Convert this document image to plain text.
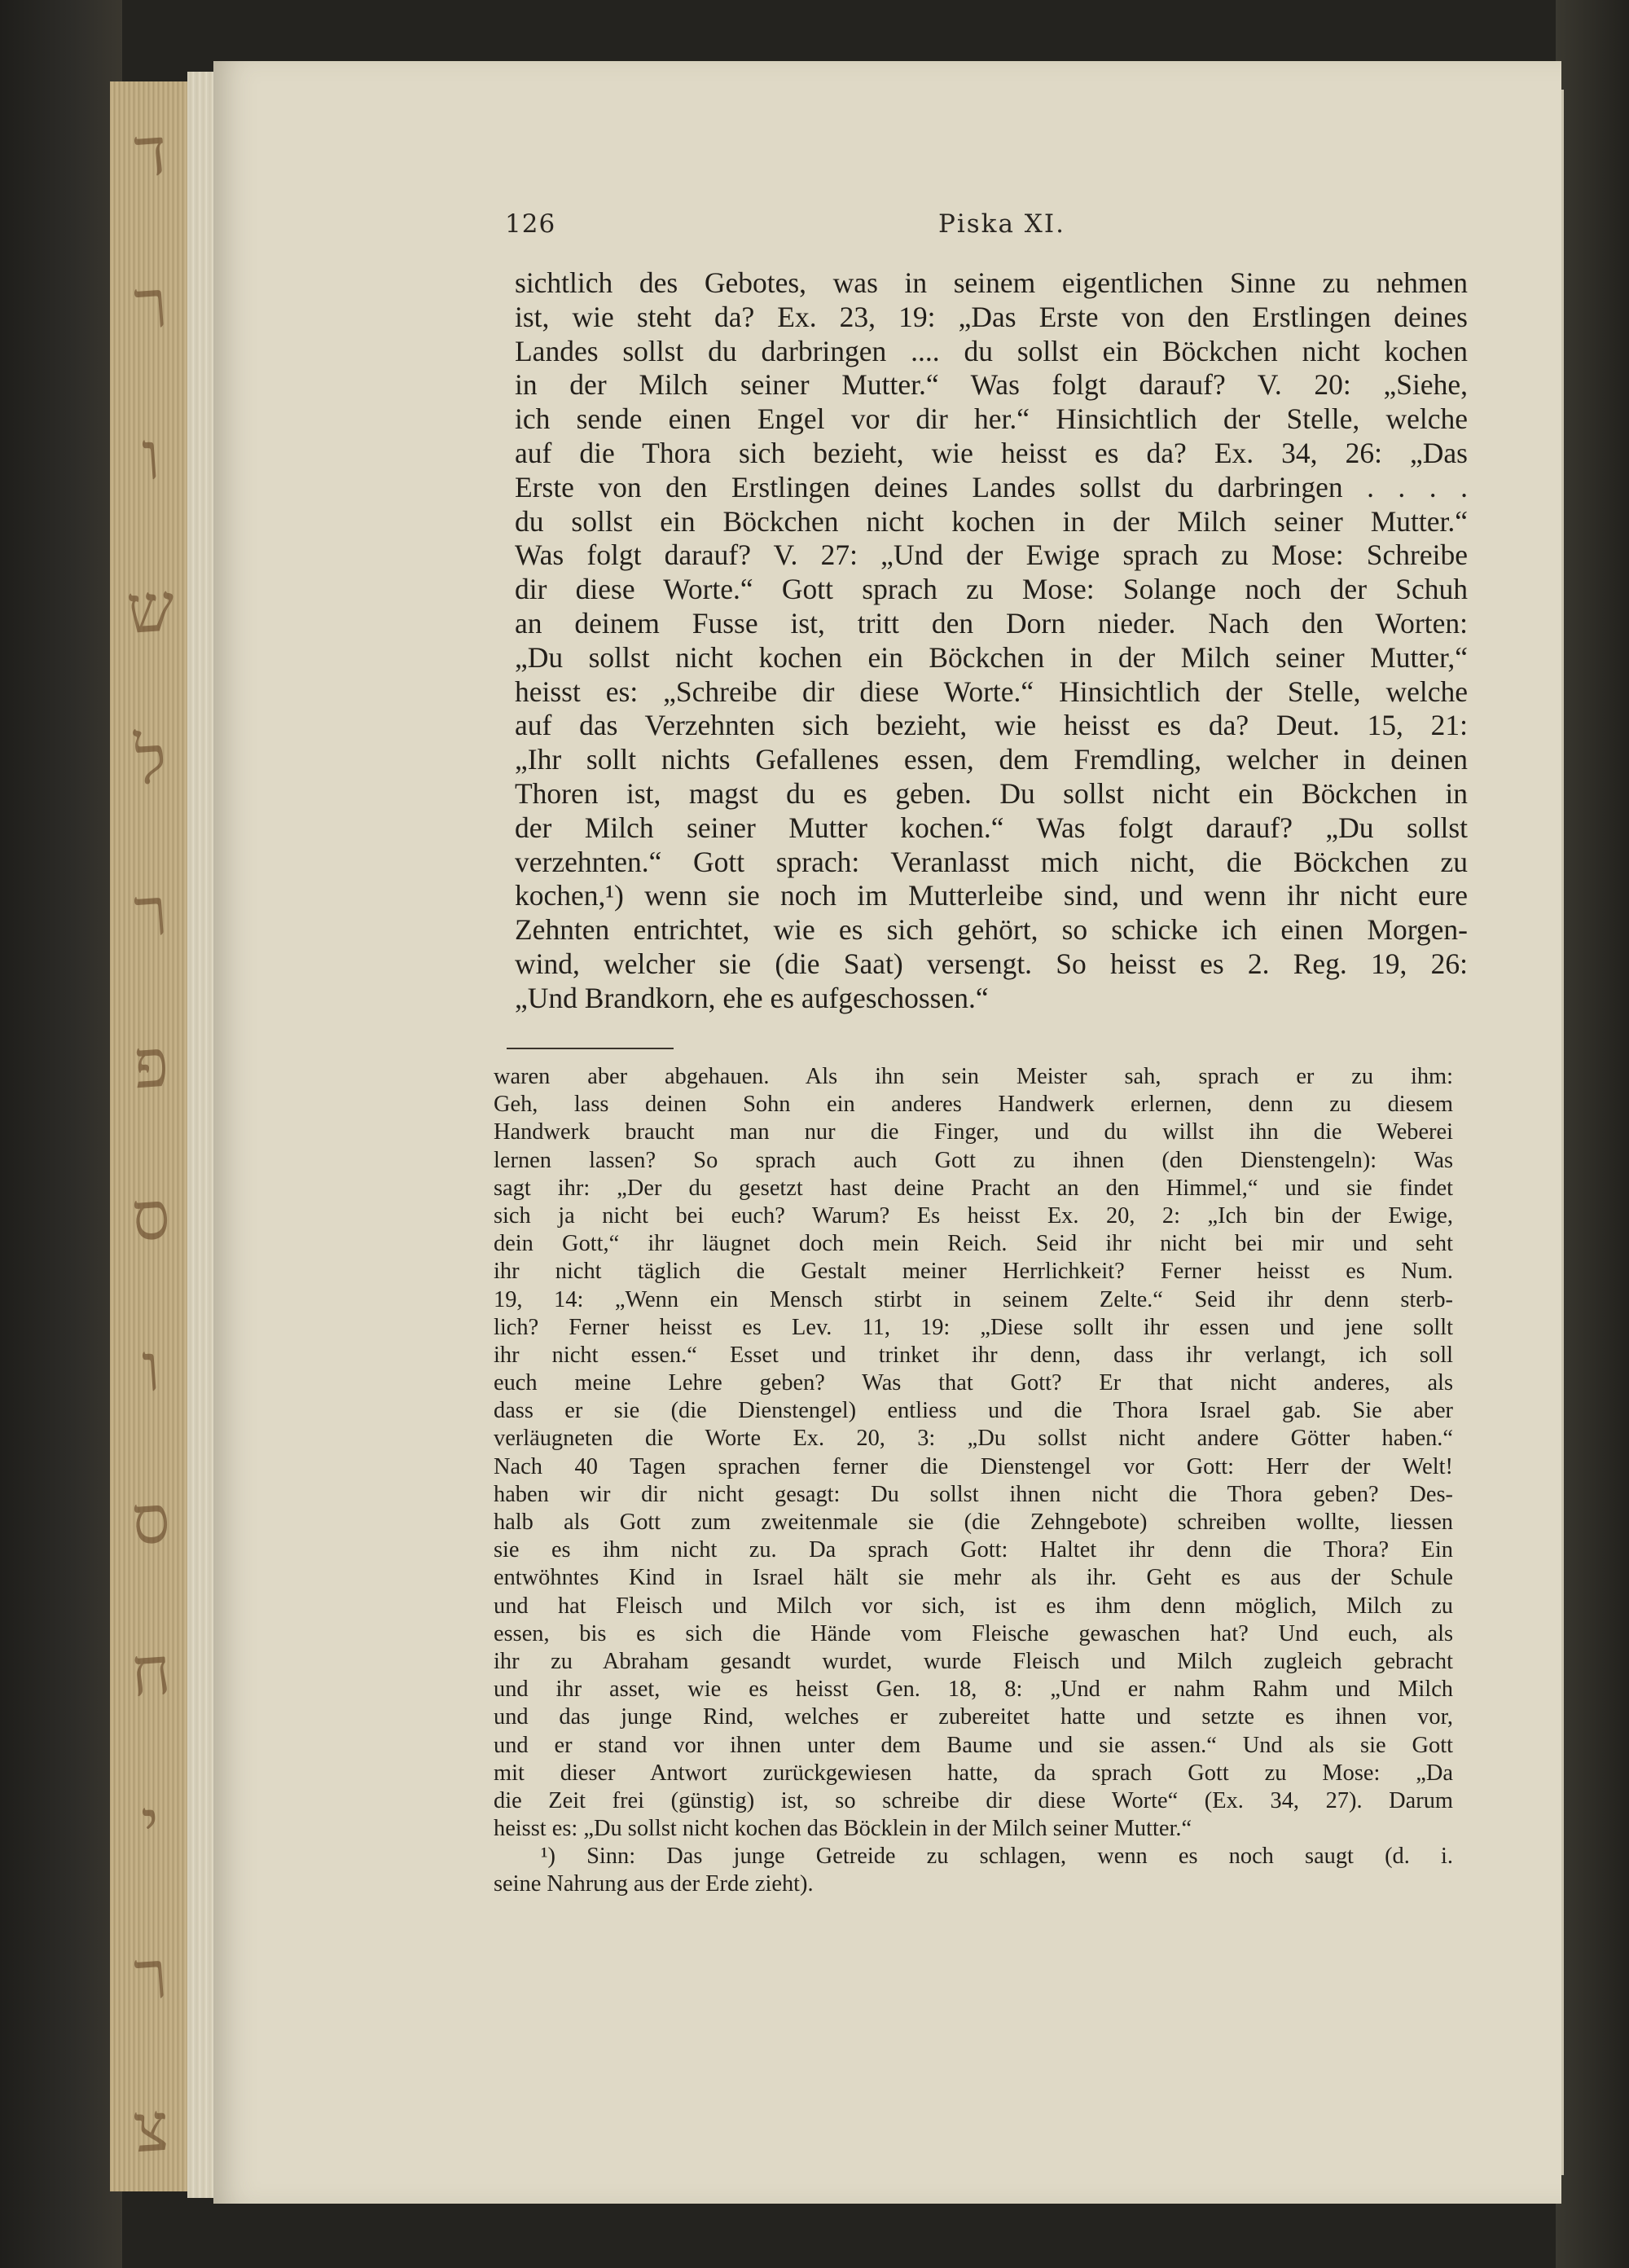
ד
ר
ו
ש
ל
ר
פ
ס
ו
ס
ח
י
ר
צ
126	Piska XI.
sichtlich des Gebotes, was in seinem eigentlichen Sinne zu nehmen
ist, wie steht da? Ex. 23, 19: „Das Erste von den Erstlingen deines
Landes sollst du darbringen .... du sollst ein Böckchen nicht kochen
in der Milch seiner Mutter.“ Was folgt darauf? V. 20: „Siehe,
ich sende einen Engel vor dir her.“ Hinsichtlich der Stelle, welche
auf die Thora sich bezieht, wie heisst es da? Ex. 34, 26: „Das
Erste von den Erstlingen deines Landes sollst du darbringen . . . .
du sollst ein Böckchen nicht kochen in der Milch seiner Mutter.“
Was folgt darauf? V. 27: „Und der Ewige sprach zu Mose: Schreibe
dir diese Worte.“ Gott sprach zu Mose: Solange noch der Schuh
an deinem Fusse ist, tritt den Dorn nieder. Nach den Worten:
„Du sollst nicht kochen ein Böckchen in der Milch seiner Mutter,“
heisst es: „Schreibe dir diese Worte.“ Hinsichtlich der Stelle, welche
auf das Verzehnten sich bezieht, wie heisst es da? Deut. 15, 21:
„Ihr sollt nichts Gefallenes essen, dem Fremdling, welcher in deinen
Thoren ist, magst du es geben. Du sollst nicht ein Böckchen in
der Milch seiner Mutter kochen.“ Was folgt darauf? „Du sollst
verzehnten.“ Gott sprach: Veranlasst mich nicht, die Böckchen zu
kochen,¹) wenn sie noch im Mutterleibe sind, und wenn ihr nicht eure
Zehnten entrichtet, wie es sich gehört, so schicke ich einen Morgen-
wind, welcher sie (die Saat) versengt. So heisst es 2. Reg. 19, 26:
„Und Brandkorn, ehe es aufgeschossen.“
waren aber abgehauen. Als ihn sein Meister sah, sprach er zu ihm:
Geh, lass deinen Sohn ein anderes Handwerk erlernen, denn zu diesem
Handwerk braucht man nur die Finger, und du willst ihn die Weberei
lernen lassen? So sprach auch Gott zu ihnen (den Dienstengeln): Was
sagt ihr: „Der du gesetzt hast deine Pracht an den Himmel,“ und sie findet
sich ja nicht bei euch? Warum? Es heisst Ex. 20, 2: „Ich bin der Ewige,
dein Gott,“ ihr läugnet doch mein Reich. Seid ihr nicht bei mir und seht
ihr nicht täglich die Gestalt meiner Herrlichkeit? Ferner heisst es Num.
19, 14: „Wenn ein Mensch stirbt in seinem Zelte.“ Seid ihr denn sterb-
lich? Ferner heisst es Lev. 11, 19: „Diese sollt ihr essen und jene sollt
ihr nicht essen.“ Esset und trinket ihr denn, dass ihr verlangt, ich soll
euch meine Lehre geben? Was that Gott? Er that nicht anderes, als
dass er sie (die Dienstengel) entliess und die Thora Israel gab. Sie aber
verläugneten die Worte Ex. 20, 3: „Du sollst nicht andere Götter haben.“
Nach 40 Tagen sprachen ferner die Dienstengel vor Gott: Herr der Welt!
haben wir dir nicht gesagt: Du sollst ihnen nicht die Thora geben? Des-
halb als Gott zum zweitenmale sie (die Zehngebote) schreiben wollte, liessen
sie es ihm nicht zu. Da sprach Gott: Haltet ihr denn die Thora? Ein
entwöhntes Kind in Israel hält sie mehr als ihr. Geht es aus der Schule
und hat Fleisch und Milch vor sich, ist es ihm denn möglich, Milch zu
essen, bis es sich die Hände vom Fleische gewaschen hat? Und euch, als
ihr zu Abraham gesandt wurdet, wurde Fleisch und Milch zugleich gebracht
und ihr asset, wie es heisst Gen. 18, 8: „Und er nahm Rahm und Milch
und das junge Rind, welches er zubereitet hatte und setzte es ihnen vor,
und er stand vor ihnen unter dem Baume und sie assen.“ Und als sie Gott
mit dieser Antwort zurückgewiesen hatte, da sprach Gott zu Mose: „Da
die Zeit frei (günstig) ist, so schreibe dir diese Worte“ (Ex. 34, 27). Darum
heisst es: „Du sollst nicht kochen das Böcklein in der Milch seiner Mutter.“
¹) Sinn: Das junge Getreide zu schlagen, wenn es noch saugt (d. i.
seine Nahrung aus der Erde zieht).
